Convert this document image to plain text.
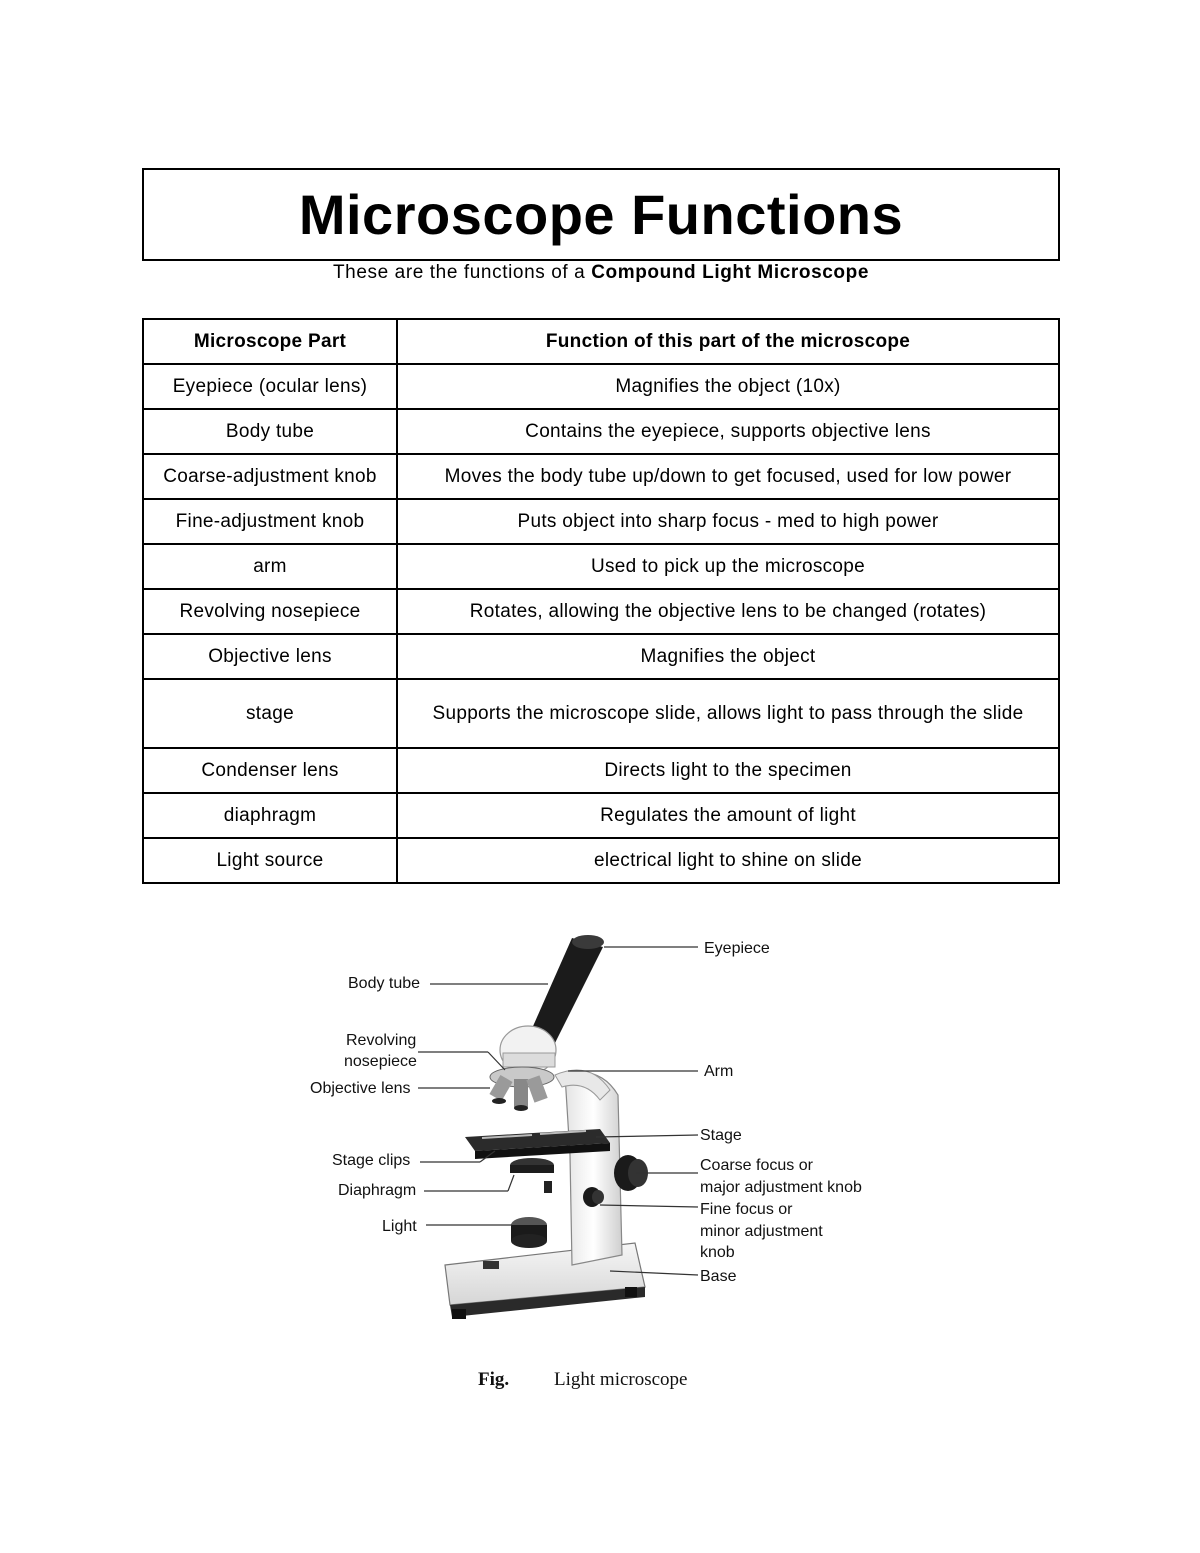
Microscope Functions
These are the functions of a Compound Light Microscope
Microscope Part	Function of this part of the microscope
Eyepiece (ocular lens)	Magnifies the object (10x)
Body tube	Contains the eyepiece, supports objective lens
Coarse-adjustment knob	Moves the body tube up/down to get focused, used for low power
Fine-adjustment knob	Puts object into sharp focus - med to high power
arm	Used to pick up the microscope
Revolving nosepiece	Rotates, allowing the objective lens to be changed (rotates)
Objective lens	Magnifies the object
stage	Supports the microscope slide, allows light to pass through the slide
Condenser lens	Directs light to the specimen
diaphragm	Regulates the amount of light
Light source	electrical light to shine on slide
Eyepiece
Body tube
Revolving
nosepiece
Objective lens
Arm
Stage
Stage clips	Coarse focus or
major adjustment knob
Diaphragm
Fine focus or
minor adjustment
knob
Light
Base
Fig. Light microscope
